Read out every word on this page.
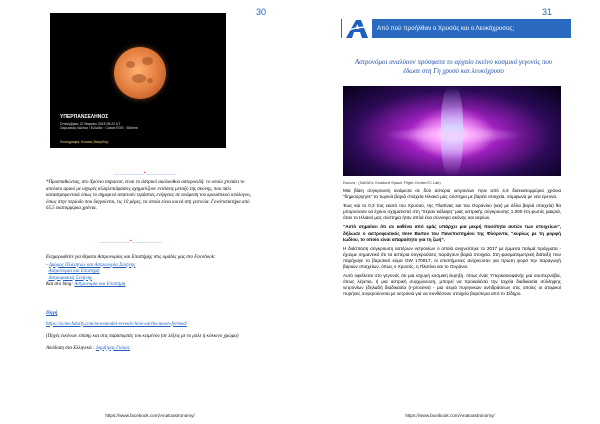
30
ΥΠΕΡΠΑΝΣΕΛΗΝΟΣ
Σεπτέμβριος 27 Μαρτίου 2015 05:22 UT
Σαρωνικός κόλπος / Ελλάδα · Canon EOS · 300mm
Φωτογραφία: Κώστας Μαυρίδης
...................*...................

*Προσπαθώντας, στο Χρόνιο impactor, είναι το άστρικό ακόλουθου αστεροειδή: το οποίο χτυπάει το απόλυτο αραιό με ισχυρές αλληλεπιδράσεις σχηματίζουν εντάσεις μεταξύ της σκόνης, που πάλι καταστρεφοντικά όπως το σημερινό απαιτούν τεράστιες ενέργειες σε ανάμεση του κρουστικού υπόλογου, όπως στην περίοδο που διηγούνται, τις 10 μέρες, τα οποία είναι κοινά στη γειτονία. Γονότυπικτήρα από 65,5 εκατομμύρια χρόνια.

...................*...................

Ενημερωθείτε για θέματα Αστρονομίας και Επιστήμης στις ομάδες μας στο Facebook:

- Δρόμος Πλανητών και Αστρονομία Σελήνης
Αστρονομία και Επιστήμη
Αστροφυσική Σελήνης
Και στο blog: Αστρονομία και Επιστήμη

Πηγή

https://scitechdaily.com/newsmodel-reveals-how-earths-moon-formed/

(Πηγές εικόνων επίσης και στις παραπομπές του κειμένου (σε λέξεις με το μπλε ή κόκκινο χρώμα)

Απόδοση στα Ελληνικά : Δημήτρης Γκίκας

https://www.facebook.com/Anatoastronomy/
31
Από πού προήλθαν ο Χρυσός και ο Λευκόχρυσος;
Αστρονόμοι αναλύουν πρόσφατα το αρχαίο εκείνο κοσμικό γεγονός που έδωσε στη Γη χρυσό και λευκόχρυσο
Εικόνα : (NASA's Goddard Space Flight Center/CI Lab)

Μια βίαιη σύγκρουση ανάμεσα σε δύο αστέρια νετρονίων πριν από 4,6 δισεκατομμύρια χρόνια “δημιούργησε” τα τωρινά βαριά στοιχεία Ηλιακό μας σύστημα με βαρέα στοιχεία, σύμφωνα με νέα έρευνα.

Έως και το 0,3 τοις εκατό του Χρυσού, της Πλατίνας και του Ουρανίου (και) με άλλα βαριά στοιχεία) θα μπορούσαν να έχουν σχηματιστεί στη “πέραν κάλυψη” μιας αστρικής σύγκρουσης 1.000 έτη φωτός μακριά, όταν το Ηλιακό μας σύστημα ήταν απλά ένα σύννεφο σκόνης και αερίων.

“Αυτό σημαίνει ότι σε καθένα από εμάς υπάρχει μια μικρή ποσότητα αυτών των στοιχείων”, δήλωσε ο αστροφυσικός Imre Bartos του Πανεπιστημίου της Φλόριντα, “κυρίως με τη μορφή Ιωδίου, το οποίο είναι απαραίτητο για τη ζωή”.

Η διάσπαση σύγκρουση αστέρων νετρονίων ο οποία ανιχνεύτηκε το 2017 με έμμεσα παλμά πράγματα - έχουμε σημαντικό ότι τα αστέρια συγκρούσεις παράγουν βαριά στοιχεία. Στη φασματομετρική διάταξη που παρήγαγε το βαρυτικό κύμα GW 170817, οι επιστήμονες ανίχνευσαν για πρώτη φορά την παραγωγή βαριών στοιχείων, όπως ο Χρυσός, η Πλατίνα και το Ουράνιο.

Αυτό οφείλεται στο γεγονός ότι μια ισχυρή κοσμική έκρηξη, όπως ένας Υπερκαινοφανής μια σουπερνόβα, όπως λέγεται, ή μια αστρική συγχώνευση, μπορεί να προκαλέσει την ταχεία διαδικασία σύλληψης νετρονίων (δηλαδή διαδικασία (r-process) - μια σειρά πυρηνικών αντιδράσεων στις οποίες οι ατομικοί πυρήνες συγκρούονται με νετρόνια για να συνθέσουν στοιχεία βαρύτερα από το Σίδηρο.

https://www.facebook.com/Anatoastronomy/
